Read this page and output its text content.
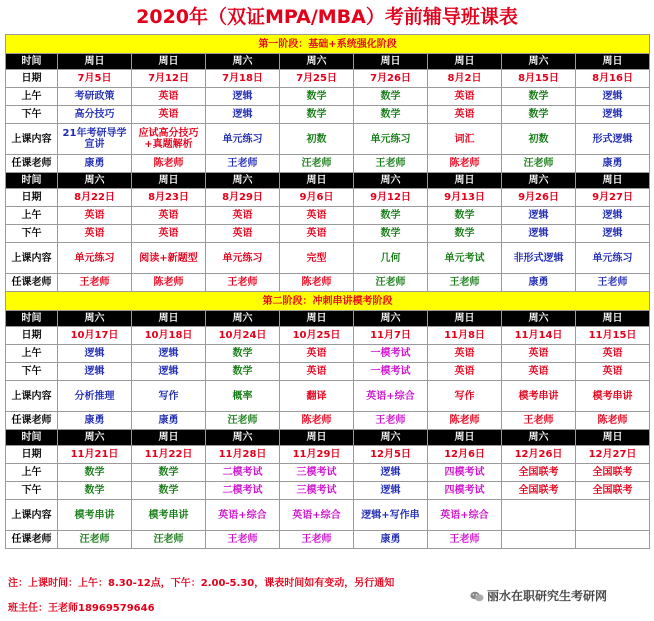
2020年（双证MPA/MBA）考前辅导班课表
第一阶段：基础+系统强化阶段								
时间	周日	周日	周六	周六	周日	周日	周六	周日
日期	7月5日	7月12日	7月18日	7月25日	7月26日	8月2日	8月15日	8月16日
上午	考研政策	英语	逻辑	数学	数学	英语	数学	逻辑
下午	高分技巧	英语	逻辑	数学	数学	英语	数学	逻辑
上课内容	21年考研导学宣讲	应试高分技巧+真题解析	单元练习	初数	单元练习	词汇	初数	形式逻辑
任课老师	康勇	陈老师	王老师	汪老师	王老师	陈老师	汪老师	康勇
时间	周六	周日	周六	周日	周六	周日	周六	周日
日期	8月22日	8月23日	8月29日	9月6日	9月12日	9月13日	9月26日	9月27日
上午	英语	英语	英语	英语	数学	数学	逻辑	逻辑
下午	英语	英语	英语	英语	数学	数学	逻辑	逻辑
上课内容	单元练习	阅读+新题型	单元练习	完型	几何	单元考试	非形式逻辑	单元练习
任课老师	王老师	陈老师	王老师	陈老师	汪老师	王老师	康勇	王老师
第二阶段：冲刺串讲模考阶段								
时间	周六	周日	周六	周日	周六	周日	周六	周日
日期	10月17日	10月18日	10月24日	10月25日	11月7日	11月8日	11月14日	11月15日
上午	逻辑	逻辑	数学	英语	一模考试	英语	英语	英语
下午	逻辑	逻辑	数学	英语	一模考试	英语	英语	英语
上课内容	分析推理	写作	概率	翻译	英语+综合	写作	模考串讲	模考串讲
任课老师	康勇	康勇	汪老师	陈老师	王老师	陈老师	王老师	陈老师
时间	周六	周日	周六	周日	周六	周日	周六	周日
日期	11月21日	11月22日	11月28日	11月29日	12月5日	12月6日	12月26日	12月27日
上午	数学	数学	二模考试	三模考试	逻辑	四模考试	全国联考	全国联考
下午	数学	数学	二模考试	三模考试	逻辑	四模考试	全国联考	全国联考
上课内容	模考串讲	模考串讲	英语+综合	英语+综合	逻辑+写作串	英语+综合		
任课老师	汪老师	汪老师	王老师	王老师	康勇	王老师		
注：上课时间：上午：8.30-12点，下午：2.00-5.30，课表时间如有变动，另行通知
丽水在职研究生考研网
班主任：王老师18969579646
